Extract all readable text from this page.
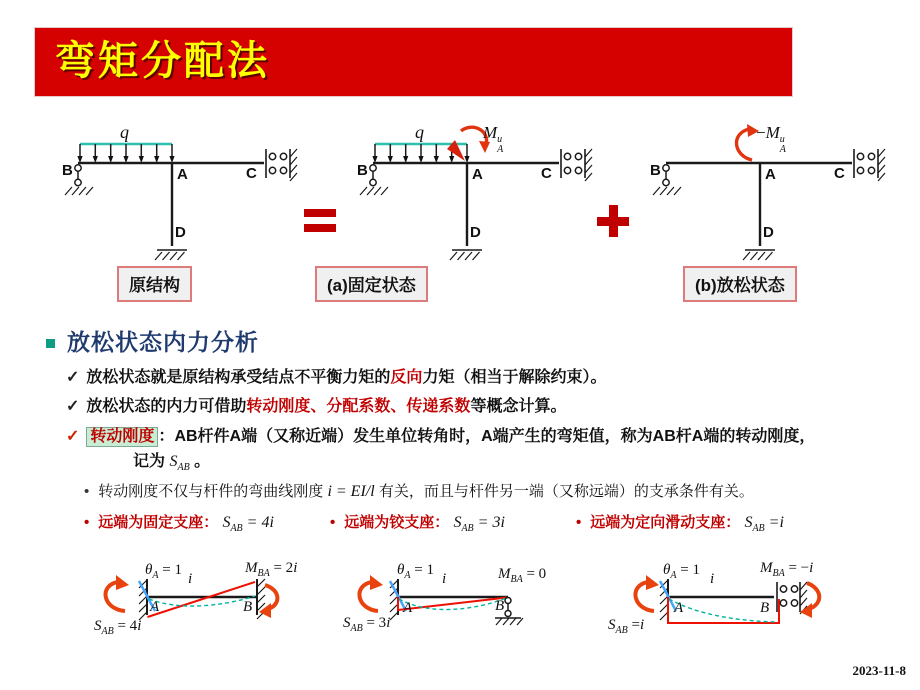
弯矩分配法
q
B	A	C
D
原结构
q
B	A	C
D
M u
A
(a)固定状态
B	A	C
D
−M u
A
(b)放松状态
放松状态内力分析
✓ 放松状态就是原结构承受结点不平衡力矩的反向力矩（相当于解除约束）。
✓ 放松状态的内力可借助转动刚度、分配系数、传递系数等概念计算。
✓ 转动刚度 ：AB杆件A端（又称近端）发生单位转角时，A端产生的弯矩值，称为AB杆A端的转动刚度，
记为 $S_{AB}$ 。
• 转动刚度不仅与杆件的弯曲线刚度 i = EI/l 有关，而且与杆件另一端（又称远端）的支承条件有关。
• 远端为固定支座： $S_{AB} = 4i$	• 远端为铰支座： $S_{AB} = 3i$	• 远端为定向滑动支座： $S_{AB} =i$
$\theta_A = 1$
i
$M_{BA} = 2i$
A	B
$S_{AB} = 4i$
$\theta_A = 1$
i	$M_{BA} = 0$
A	B
$S_{AB} = 3i$
$\theta_A = 1$
i
$M_{BA} = -i$
A	B
$S_{AB} =i$
2023-11-8
